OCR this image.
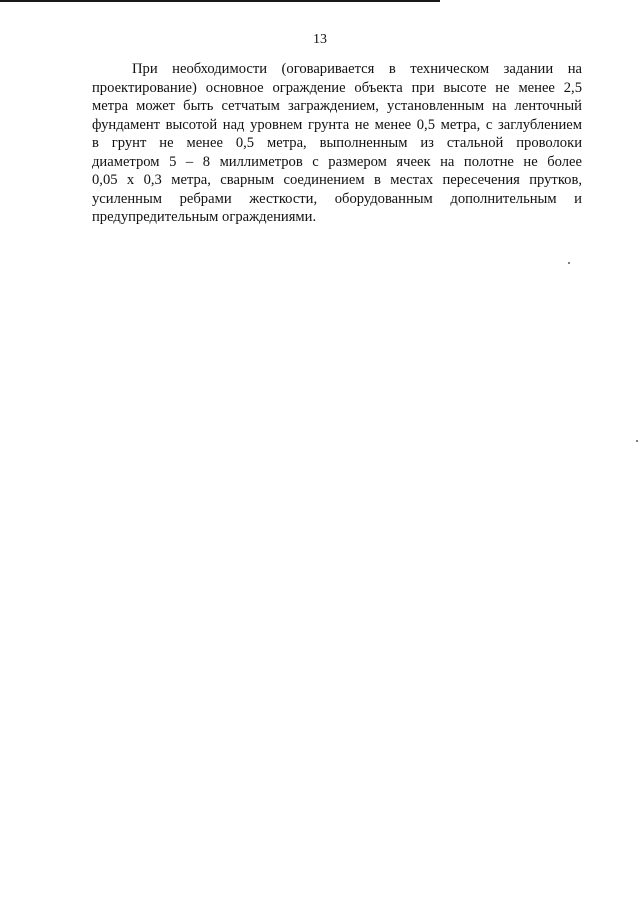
13

При необходимости (оговаривается в техническом задании на
проектирование) основное ограждение объекта при высоте не менее 2,5
метра может быть сетчатым заграждением, установленным на ленточный
фундамент высотой над уровнем грунта не менее 0,5 метра, с заглублением
в грунт не менее 0,5 метра, выполненным из стальной проволоки
диаметром 5 – 8 миллиметров с размером ячеек на полотне не более
0,05 х 0,3 метра, сварным соединением в местах пересечения прутков,
усиленным ребрами жесткости, оборудованным дополнительным и
предупредительным ограждениями.
